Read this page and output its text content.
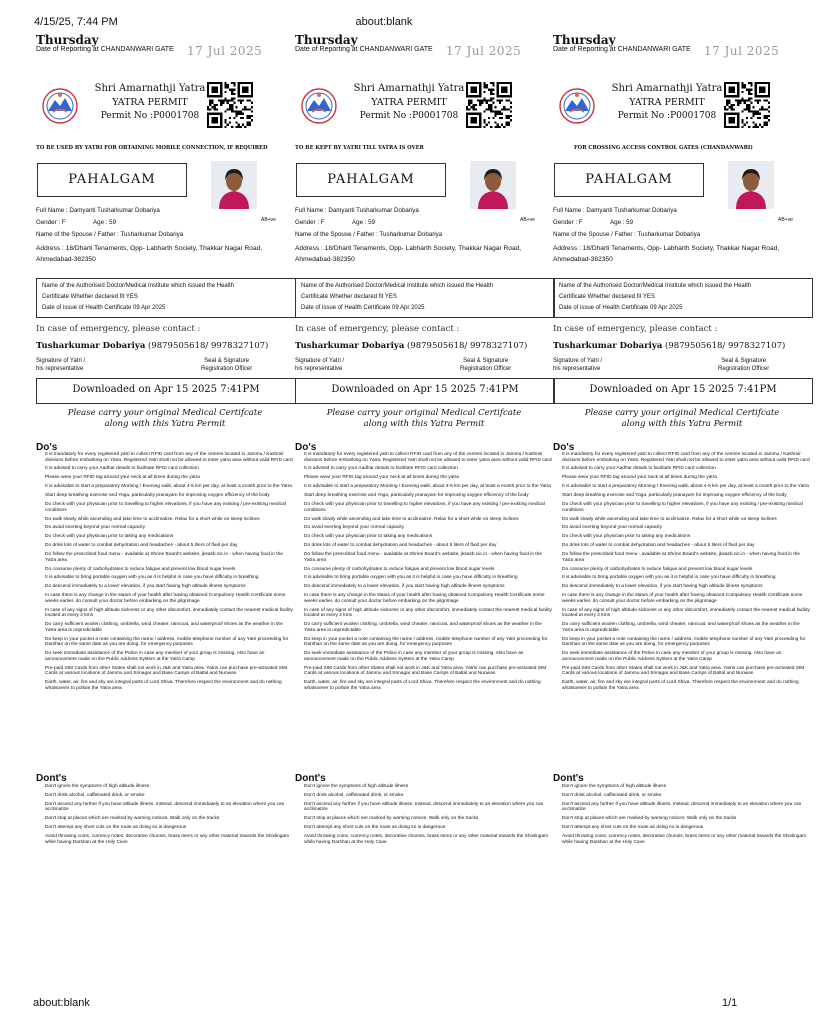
4/15/25, 7:44 PM	about:blank
Thursday
Date of Reporting at CHANDANWARI GATE 17 Jul 2025
Shri Amarnathji Yatra
YATRA PERMIT
Permit No :P0001708
TO BE USED BY YATRI FOR OBTAINING MOBILE CONNECTION, IF REQUIRED
PAHALGAM
AB+ve
Full Name : Damyanti Tusharkumar Dobariya
Gender : F	Age : 59
Name of the Spouse / Father : Tusharkumar Dobariya
Address : 18/Dharti Tenaments, Opp- Labharth Society, Thakkar Nagar Road, Ahmedabad-382350
Name of the Authorised Doctor/Medical Institute which issued the Health
Certificate Whether declared fit YES
Date of issue of Health Certificate 09 Apr 2025
In case of emergency, please contact :
Tusharkumar Dobariya (9879505618/ 9978327107)
Signature of Yatri /
his representative
Seal & Signature
Registration Officer
Downloaded on Apr 15 2025 7:41PM
Please carry your original Medical Certifcate
along with this Yatra Permit
Do's

It is mandatory for every registered yatri to collect RFID card from any of the centres located in Jammu / Kashmir divisions before embarking on Yatra. Registered Yatri shall not be allowed to enter yatra area without valid RFID card

It is advised to carry your Aadhar details to facilitate RFID card collection

Please wear your RFID tag around your neck at all times during the yatra

It is advisable to start a preparatory Morning / Evening walk, about 4-5 km per day, at least a month prior to the Yatra

Start deep breathing exercise and Yoga, particularly pranayam for improving oxygen efficiency of the body

Do check with your physician prior to travelling to higher elevations, if you have any existing / pre-existing medical conditions

Do walk slowly while ascending and take time to acclimatize. Relax for a short while on steep inclines

Do avoid exerting beyond your normal capacity

Do check with your physician prior to taking any medications

Do drink lots of water to combat dehydration and headaches - about 5 liters of fluid per day

Do follow the prescribed food menu - available at Shrine Board's website, jksasb.nic.in - when having food in the Yatra area

Do consume plenty of carbohydrates to reduce fatigue and prevent low blood sugar levels

It is advisable to bring portable oxygen with you as it is helpful in case you have difficulty in breathing

Do descend immediately to a lower elevation, if you start having high altitude illness symptoms

In case there is any change in the status of your health after having obtained Compulsory Health Certificate some weeks earlier, do consult your doctor before embarking on the pilgrimage

In case of any signs of high altitude sickness or any other discomfort, immediately contact the nearest medical facility located at every 2 kms

Do carry sufficient woolen clothing, umbrella, wind cheater, raincoat, and waterproof shoes as the weather in the Yatra area is unpredictable

Do keep in your pocket a note containing the name / address, mobile telephone number of any Yatri proceeding for Darshan on the same date as you are doing, for emergency purposes

Do seek immediate assistance of the Police in case any member of your group is missing. Also have an announcement made on the Public Address System at the Yatra Camp

Pre-paid SIM Cards from other States shall not work in J&K and Yatra area. Yatris can purchase pre-activated SIM Cards at various locations of Jammu and Srinagar and Base Camps of Baltal and Nunwan

Earth, water, air, fire and sky are integral parts of Lord Shiva. Therefore respect the environment and do nothing whatsoever to pollute the Yatra area

Dont's

Don't ignore the symptoms of high altitude illness

Don't drink alcohol, caffeinated drink, or smoke

Don't ascend any further if you have altitude illness. Instead, descend immediately to an elevation where you can acclimatize

Don't stop at places which are marked by warning notices. Walk only on the tracks

Don't attempt any short cuts on the route as doing so is dangerous

Avoid throwing coins, currency notes, decorative chunnis, brass items or any other material towards the Shivlingam while having Darshan at the Holy Cave

Thursday
Date of Reporting at CHANDANWARI GATE 17 Jul 2025
Shri Amarnathji Yatra
YATRA PERMIT
Permit No :P0001708
TO BE KEPT BY YATRI TILL YATRA IS OVER
PAHALGAM
AB+ve
Full Name : Damyanti Tusharkumar Dobariya
Gender : F	Age : 59
Name of the Spouse / Father : Tusharkumar Dobariya
Address : 18/Dharti Tenaments, Opp- Labharth Society, Thakkar Nagar Road, Ahmedabad-382350
Name of the Authorised Doctor/Medical Institute which issued the Health
Certificate Whether declared fit YES
Date of issue of Health Certificate 09 Apr 2025
In case of emergency, please contact :
Tusharkumar Dobariya (9879505618/ 9978327107)
Signature of Yatri /
his representative
Seal & Signature
Registration Officer
Downloaded on Apr 15 2025 7:41PM
Please carry your original Medical Certifcate
along with this Yatra Permit
Do's

It is mandatory for every registered yatri to collect RFID card from any of the centres located in Jammu / Kashmir divisions before embarking on Yatra. Registered Yatri shall not be allowed to enter yatra area without valid RFID card

It is advised to carry your Aadhar details to facilitate RFID card collection

Please wear your RFID tag around your neck at all times during the yatra

It is advisable to start a preparatory Morning / Evening walk, about 4-5 km per day, at least a month prior to the Yatra

Start deep breathing exercise and Yoga, particularly pranayam for improving oxygen efficiency of the body

Do check with your physician prior to travelling to higher elevations, if you have any existing / pre-existing medical conditions

Do walk slowly while ascending and take time to acclimatize. Relax for a short while on steep inclines

Do avoid exerting beyond your normal capacity

Do check with your physician prior to taking any medications

Do drink lots of water to combat dehydration and headaches - about 5 liters of fluid per day

Do follow the prescribed food menu - available at Shrine Board's website, jksasb.nic.in - when having food in the Yatra area

Do consume plenty of carbohydrates to reduce fatigue and prevent low blood sugar levels

It is advisable to bring portable oxygen with you as it is helpful in case you have difficulty in breathing

Do descend immediately to a lower elevation, if you start having high altitude illness symptoms

In case there is any change in the status of your health after having obtained Compulsory Health Certificate some weeks earlier, do consult your doctor before embarking on the pilgrimage

In case of any signs of high altitude sickness or any other discomfort, immediately contact the nearest medical facility located at every 2 kms

Do carry sufficient woolen clothing, umbrella, wind cheater, raincoat, and waterproof shoes as the weather in the Yatra area is unpredictable

Do keep in your pocket a note containing the name / address, mobile telephone number of any Yatri proceeding for Darshan on the same date as you are doing, for emergency purposes

Do seek immediate assistance of the Police in case any member of your group is missing. Also have an announcement made on the Public Address System at the Yatra Camp

Pre-paid SIM Cards from other States shall not work in J&K and Yatra area. Yatris can purchase pre-activated SIM Cards at various locations of Jammu and Srinagar and Base Camps of Baltal and Nunwan

Earth, water, air, fire and sky are integral parts of Lord Shiva. Therefore respect the environment and do nothing whatsoever to pollute the Yatra area

Dont's

Don't ignore the symptoms of high altitude illness

Don't drink alcohol, caffeinated drink, or smoke

Don't ascend any further if you have altitude illness. Instead, descend immediately to an elevation where you can acclimatize

Don't stop at places which are marked by warning notices. Walk only on the tracks

Don't attempt any short cuts on the route as doing so is dangerous

Avoid throwing coins, currency notes, decorative chunnis, brass items or any other material towards the Shivlingam while having Darshan at the Holy Cave

Thursday
Date of Reporting at CHANDANWARI GATE 17 Jul 2025
Shri Amarnathji Yatra
YATRA PERMIT
Permit No :P0001708
FOR CROSSING ACCESS CONTROL GATES (CHANDANWARI)
PAHALGAM
AB+ve
Full Name : Damyanti Tusharkumar Dobariya
Gender : F	Age : 59
Name of the Spouse / Father : Tusharkumar Dobariya
Address : 18/Dharti Tenaments, Opp- Labharth Society, Thakkar Nagar Road, Ahmedabad-382350
Name of the Authorised Doctor/Medical Institute which issued the Health
Certificate Whether declared fit YES
Date of issue of Health Certificate 09 Apr 2025
In case of emergency, please contact :
Tusharkumar Dobariya (9879505618/ 9978327107)
Signature of Yatri /
his representative
Seal & Signature
Registration Officer
Downloaded on Apr 15 2025 7:41PM
Please carry your original Medical Certifcate
along with this Yatra Permit
Do's

It is mandatory for every registered yatri to collect RFID card from any of the centres located in Jammu / Kashmir divisions before embarking on Yatra. Registered Yatri shall not be allowed to enter yatra area without valid RFID card

It is advised to carry your Aadhar details to facilitate RFID card collection

Please wear your RFID tag around your neck at all times during the yatra

It is advisable to start a preparatory Morning / Evening walk, about 4-5 km per day, at least a month prior to the Yatra

Start deep breathing exercise and Yoga, particularly pranayam for improving oxygen efficiency of the body

Do check with your physician prior to travelling to higher elevations, if you have any existing / pre-existing medical conditions

Do walk slowly while ascending and take time to acclimatize. Relax for a short while on steep inclines

Do avoid exerting beyond your normal capacity

Do check with your physician prior to taking any medications

Do drink lots of water to combat dehydration and headaches - about 5 liters of fluid per day

Do follow the prescribed food menu - available at Shrine Board's website, jksasb.nic.in - when having food in the Yatra area

Do consume plenty of carbohydrates to reduce fatigue and prevent low blood sugar levels

It is advisable to bring portable oxygen with you as it is helpful in case you have difficulty in breathing

Do descend immediately to a lower elevation, if you start having high altitude illness symptoms

In case there is any change in the status of your health after having obtained Compulsory Health Certificate some weeks earlier, do consult your doctor before embarking on the pilgrimage

In case of any signs of high altitude sickness or any other discomfort, immediately contact the nearest medical facility located at every 2 kms

Do carry sufficient woolen clothing, umbrella, wind cheater, raincoat, and waterproof shoes as the weather in the Yatra area is unpredictable

Do keep in your pocket a note containing the name / address, mobile telephone number of any Yatri proceeding for Darshan on the same date as you are doing, for emergency purposes

Do seek immediate assistance of the Police in case any member of your group is missing. Also have an announcement made on the Public Address System at the Yatra Camp

Pre-paid SIM Cards from other States shall not work in J&K and Yatra area. Yatris can purchase pre-activated SIM Cards at various locations of Jammu and Srinagar and Base Camps of Baltal and Nunwan

Earth, water, air, fire and sky are integral parts of Lord Shiva. Therefore respect the environment and do nothing whatsoever to pollute the Yatra area

Dont's

Don't ignore the symptoms of high altitude illness

Don't drink alcohol, caffeinated drink, or smoke

Don't ascend any further if you have altitude illness. Instead, descend immediately to an elevation where you can acclimatize

Don't stop at places which are marked by warning notices. Walk only on the tracks

Don't attempt any short cuts on the route as doing so is dangerous

Avoid throwing coins, currency notes, decorative chunnis, brass items or any other material towards the Shivlingam while having Darshan at the Holy Cave

about:blank	1/1
